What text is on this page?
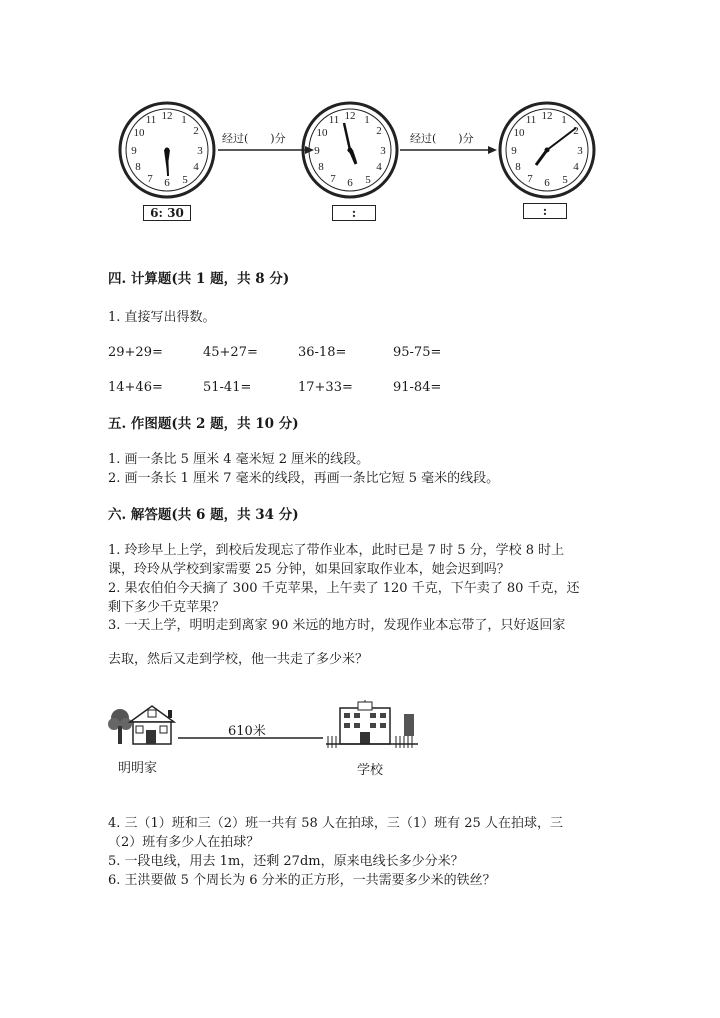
12 1
2
3
4
5
6
7
8
9
10
11	12 1
2
3
4
5
6
7
8
9
10
11	12 1
2
3
4
5
6
7
8
9
10
11
经过(　　)分	经过(　　)分
6: 30	:	:
四. 计算题(共 1 题，共 8 分)
1. 直接写出得数。
29+29=	45+27=	36-18=	95-75=
14+46=	51-41=	17+33=	91-84=
五. 作图题(共 2 题，共 10 分)
1. 画一条比 5 厘米 4 毫米短 2 厘米的线段。
2. 画一条长 1 厘米 7 毫米的线段，再画一条比它短 5 毫米的线段。
六. 解答题(共 6 题，共 34 分)
1. 玲珍早上上学，到校后发现忘了带作业本，此时已是 7 时 5 分，学校 8 时上
课，玲玲从学校到家需要 25 分钟，如果回家取作业本，她会迟到吗？
2. 果农伯伯今天摘了 300 千克苹果，上午卖了 120 千克，下午卖了 80 千克，还
剩下多少千克苹果？
3. 一天上学，明明走到离家 90 米远的地方时，发现作业本忘带了，只好返回家
去取，然后又走到学校，他一共走了多少米？
610米
明明家	学校
4. 三（1）班和三（2）班一共有 58 人在拍球，三（1）班有 25 人在拍球，三
（2）班有多少人在拍球？
5. 一段电线，用去 1m，还剩 27dm，原来电线长多少分米？
6. 王洪要做 5 个周长为 6 分米的正方形，一共需要多少米的铁丝？
